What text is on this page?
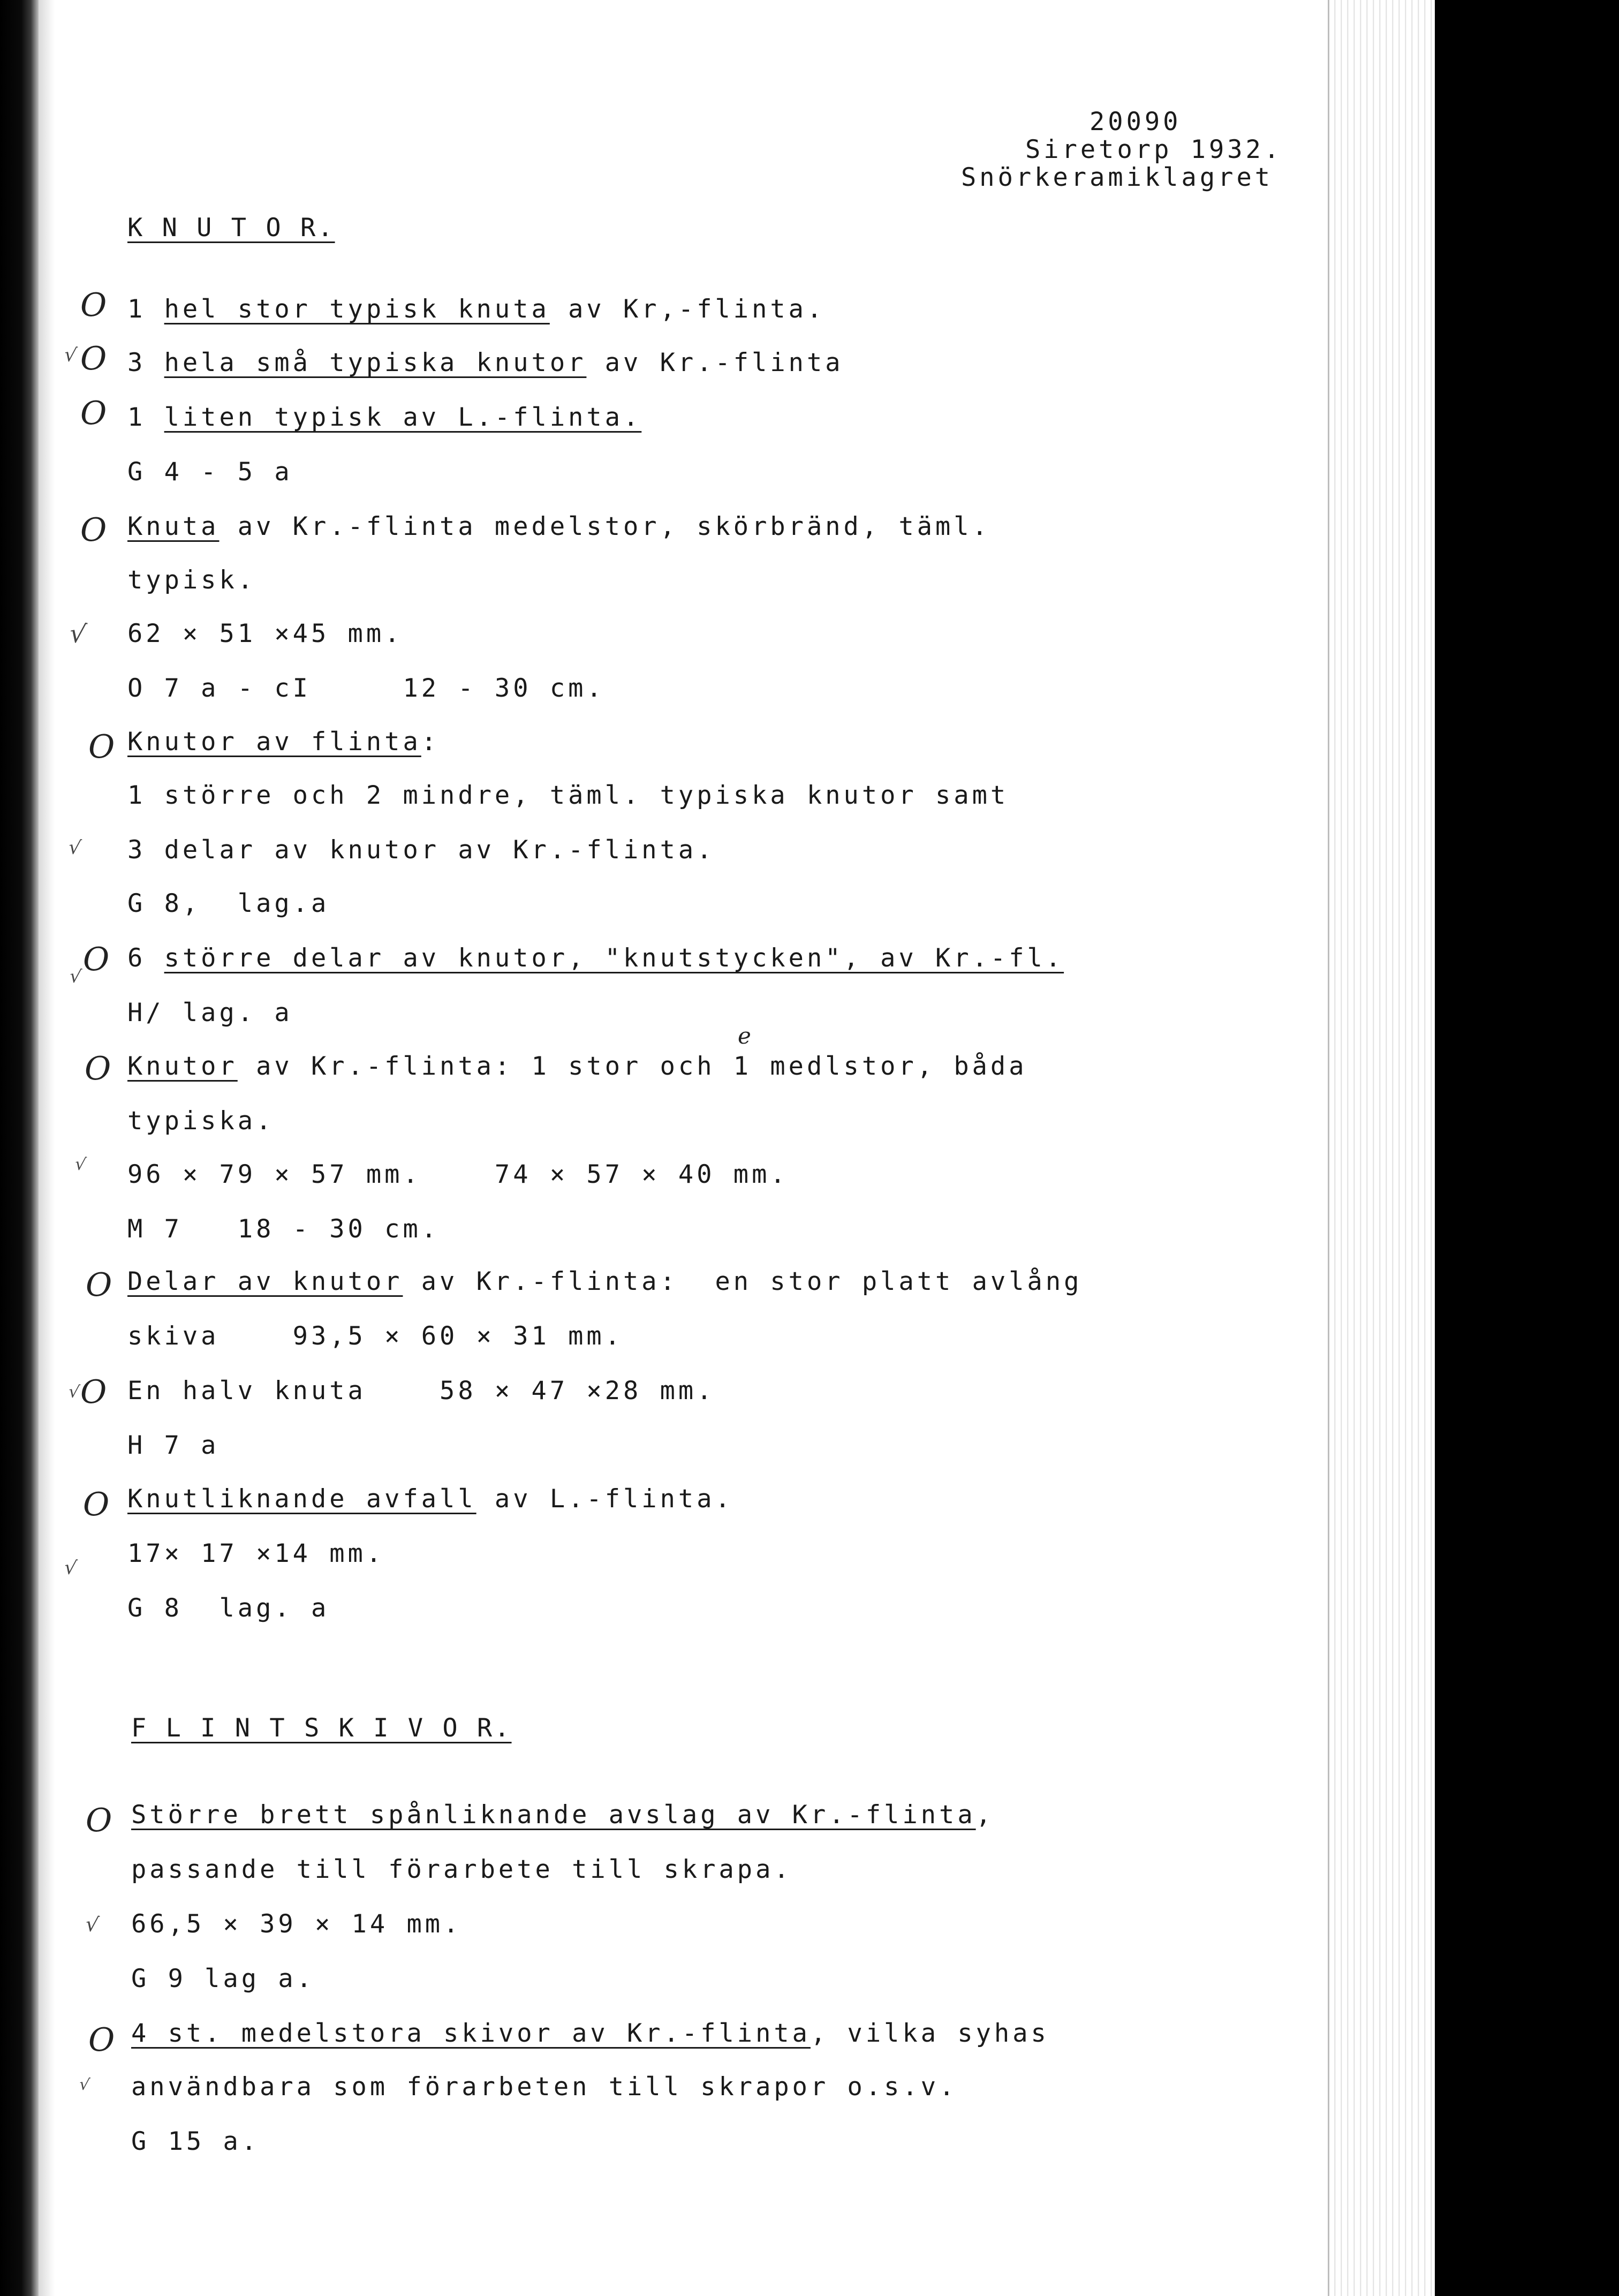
20090
Siretorp 1932.
Snörkeramiklagret
K N U T O R.
O
O
√
O
O
√
O
√
O
√
O
√
O
O
√
O
√
O
√
O
√
1 hel stor typisk knuta av Kr,-flinta.
3 hela små typiska knutor av Kr.-flinta
1 liten typisk av L.-flinta.
G 4 - 5 a
Knuta av Kr.-flinta medelstor, skörbränd, täml.
typisk.
62 × 51 ×45 mm.
O 7 a - cI     12 - 30 cm.
Knutor av flinta:
1 större och 2 mindre, täml. typiska knutor samt
3 delar av knutor av Kr.-flinta.
G 8,  lag.a
6 större delar av knutor, "knutstycken", av Kr.-fl.
H/ lag. a
e
Knutor av Kr.-flinta: 1 stor och 1 medlstor, båda
typiska.
96 × 79 × 57 mm.    74 × 57 × 40 mm.
M 7   18 - 30 cm.
Delar av knutor av Kr.-flinta:  en stor platt avlång
skiva    93,5 × 60 × 31 mm.
En halv knuta    58 × 47 ×28 mm.
H 7 a
Knutliknande avfall av L.-flinta.
17× 17 ×14 mm.
G 8  lag. a
F L I N T S K I V O R.
Större brett spånliknande avslag av Kr.-flinta,
passande till förarbete till skrapa.
66,5 × 39 × 14 mm.
G 9 lag a.
4 st. medelstora skivor av Kr.-flinta, vilka syhas
användbara som förarbeten till skrapor o.s.v.
G 15 a.
